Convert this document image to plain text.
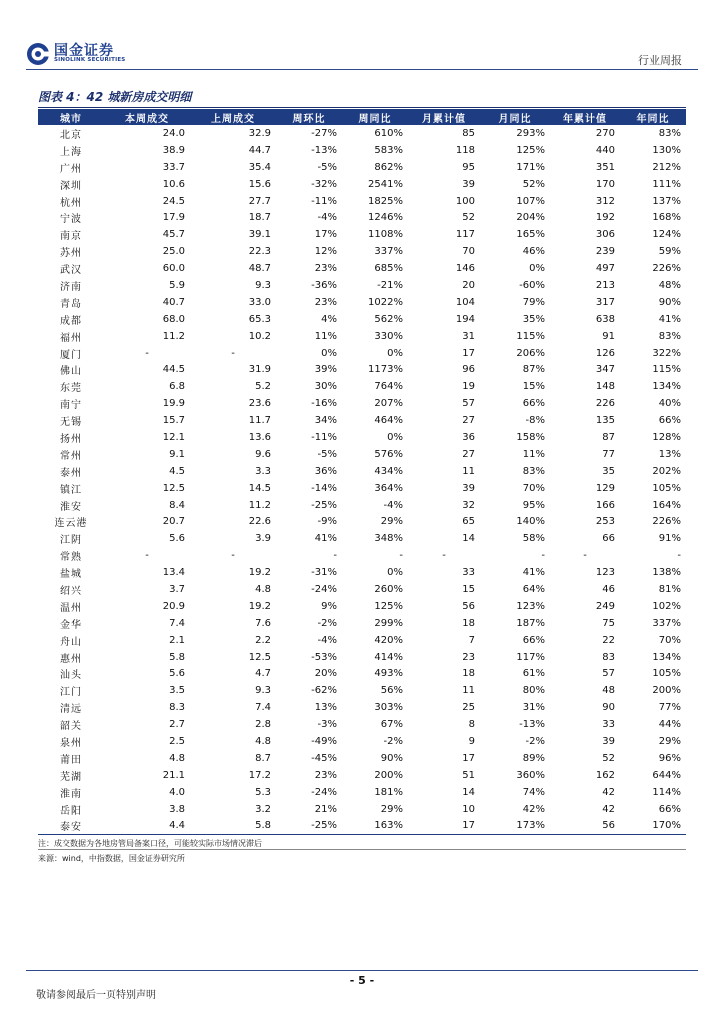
国金证券
SINOLINK SECURITIES	行业周报
图表 4：42 城新房成交明细
城市	本周成交	上周成交	周环比	周同比	月累计值	月同比	年累计值	年同比
北京	24.0	32.9	-27%	610%	85	293%	270	83%
上海	38.9	44.7	-13%	583%	118	125%	440	130%
广州	33.7	35.4	-5%	862%	95	171%	351	212%
深圳	10.6	15.6	-32%	2541%	39	52%	170	111%
杭州	24.5	27.7	-11%	1825%	100	107%	312	137%
宁波	17.9	18.7	-4%	1246%	52	204%	192	168%
南京	45.7	39.1	17%	1108%	117	165%	306	124%
苏州	25.0	22.3	12%	337%	70	46%	239	59%
武汉	60.0	48.7	23%	685%	146	0%	497	226%
济南	5.9	9.3	-36%	-21%	20	-60%	213	48%
青岛	40.7	33.0	23%	1022%	104	79%	317	90%
成都	68.0	65.3	4%	562%	194	35%	638	41%
福州	11.2	10.2	11%	330%	31	115%	91	83%
厦门	-	-	0%	0%	17	206%	126	322%
佛山	44.5	31.9	39%	1173%	96	87%	347	115%
东莞	6.8	5.2	30%	764%	19	15%	148	134%
南宁	19.9	23.6	-16%	207%	57	66%	226	40%
无锡	15.7	11.7	34%	464%	27	-8%	135	66%
扬州	12.1	13.6	-11%	0%	36	158%	87	128%
常州	9.1	9.6	-5%	576%	27	11%	77	13%
泰州	4.5	3.3	36%	434%	11	83%	35	202%
镇江	12.5	14.5	-14%	364%	39	70%	129	105%
淮安	8.4	11.2	-25%	-4%	32	95%	166	164%
连云港	20.7	22.6	-9%	29%	65	140%	253	226%
江阴	5.6	3.9	41%	348%	14	58%	66	91%
常熟	-	-	-	-	-	-	-	-
盐城	13.4	19.2	-31%	0%	33	41%	123	138%
绍兴	3.7	4.8	-24%	260%	15	64%	46	81%
温州	20.9	19.2	9%	125%	56	123%	249	102%
金华	7.4	7.6	-2%	299%	18	187%	75	337%
舟山	2.1	2.2	-4%	420%	7	66%	22	70%
惠州	5.8	12.5	-53%	414%	23	117%	83	134%
汕头	5.6	4.7	20%	493%	18	61%	57	105%
江门	3.5	9.3	-62%	56%	11	80%	48	200%
清远	8.3	7.4	13%	303%	25	31%	90	77%
韶关	2.7	2.8	-3%	67%	8	-13%	33	44%
泉州	2.5	4.8	-49%	-2%	9	-2%	39	29%
莆田	4.8	8.7	-45%	90%	17	89%	52	96%
芜湖	21.1	17.2	23%	200%	51	360%	162	644%
淮南	4.0	5.3	-24%	181%	14	74%	42	114%
岳阳	3.8	3.2	21%	29%	10	42%	42	66%
泰安	4.4	5.8	-25%	163%	17	173%	56	170%
注：成交数据为各地房管局备案口径，可能较实际市场情况滞后
来源：wind，中指数据，国金证券研究所
- 5 -
敬请参阅最后一页特别声明
